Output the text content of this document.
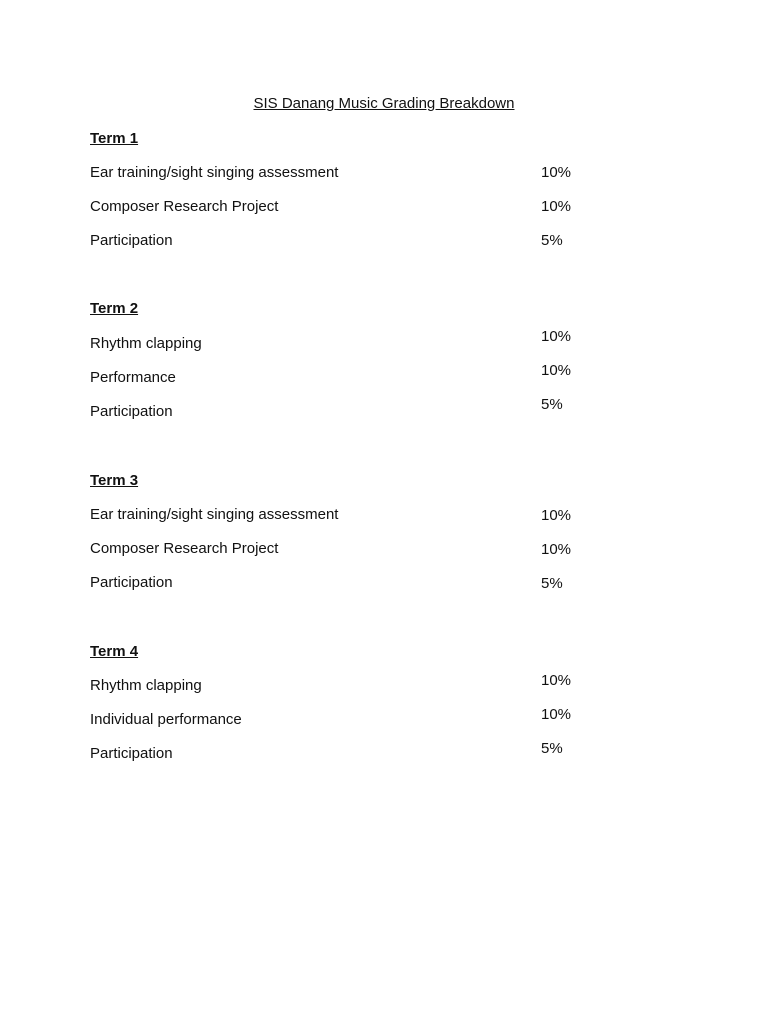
SIS Danang Music Grading Breakdown
Term 1
Ear training/sight singing assessment	10%
Composer Research Project	10%
Participation	5%
Term 2
Rhythm clapping	10%
Performance	10%
Participation	5%
Term 3
Ear training/sight singing assessment	10%
Composer Research Project	10%
Participation	5%
Term 4
Rhythm clapping	10%
Individual performance	10%
Participation	5%
